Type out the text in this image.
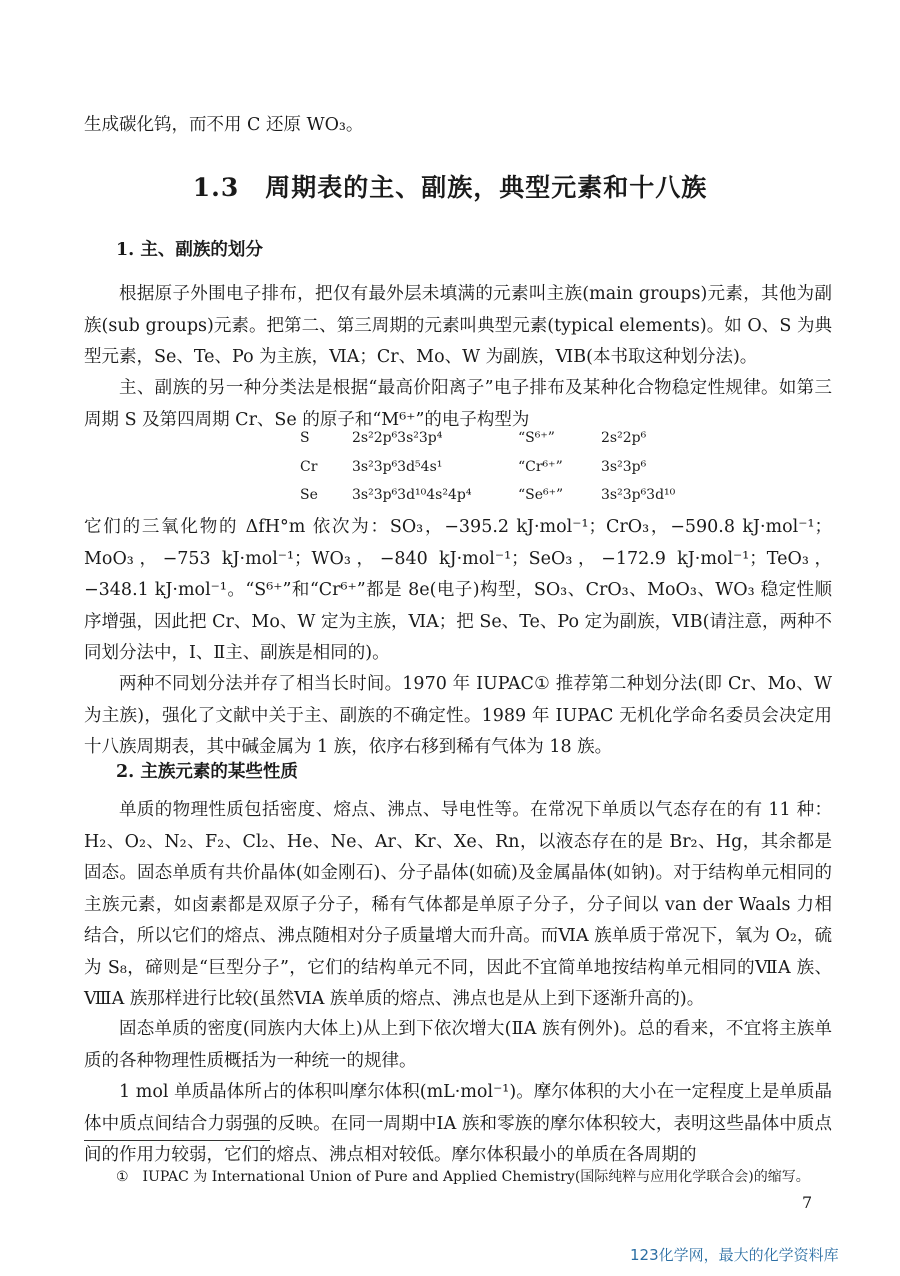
生成碳化钨，而不用 C 还原 WO₃。

1.3　周期表的主、副族，典型元素和十八族
1. 主、副族的划分

根据原子外围电子排布，把仅有最外层未填满的元素叫主族(main groups)元素，其他为副族(sub groups)元素。把第二、第三周期的元素叫典型元素(typical elements)。如 O、S 为典型元素，Se、Te、Po 为主族，ⅥA；Cr、Mo、W 为副族，ⅥB(本书取这种划分法)。

主、副族的另一种分类法是根据“最高价阳离子”电子排布及某种化合物稳定性规律。如第三周期 S 及第四周期 Cr、Se 的原子和“M⁶⁺”的电子构型为

S	2s²2p⁶3s²3p⁴	“S⁶⁺”	2s²2p⁶
Cr	3s²3p⁶3d⁵4s¹	“Cr⁶⁺”	3s²3p⁶
Se	3s²3p⁶3d¹⁰4s²4p⁴	“Se⁶⁺”	3s²3p⁶3d¹⁰

它们的三氧化物的 ΔfH°m 依次为：SO₃，−395.2 kJ·mol⁻¹；CrO₃，−590.8 kJ·mol⁻¹；MoO₃，−753 kJ·mol⁻¹；WO₃，−840 kJ·mol⁻¹；SeO₃，−172.9 kJ·mol⁻¹；TeO₃，−348.1 kJ·mol⁻¹。“S⁶⁺”和“Cr⁶⁺”都是 8e(电子)构型，SO₃、CrO₃、MoO₃、WO₃ 稳定性顺序增强，因此把 Cr、Mo、W 定为主族，ⅥA；把 Se、Te、Po 定为副族，ⅥB(请注意，两种不同划分法中，Ⅰ、Ⅱ主、副族是相同的)。

两种不同划分法并存了相当长时间。1970 年 IUPAC① 推荐第二种划分法(即 Cr、Mo、W 为主族)，强化了文献中关于主、副族的不确定性。1989 年 IUPAC 无机化学命名委员会决定用十八族周期表，其中碱金属为 1 族，依序右移到稀有气体为 18 族。

2. 主族元素的某些性质

单质的物理性质包括密度、熔点、沸点、导电性等。在常况下单质以气态存在的有 11 种：H₂、O₂、N₂、F₂、Cl₂、He、Ne、Ar、Kr、Xe、Rn，以液态存在的是 Br₂、Hg，其余都是固态。固态单质有共价晶体(如金刚石)、分子晶体(如硫)及金属晶体(如钠)。对于结构单元相同的主族元素，如卤素都是双原子分子，稀有气体都是单原子分子，分子间以 van der Waals 力相结合，所以它们的熔点、沸点随相对分子质量增大而升高。而ⅥA 族单质于常况下，氧为 O₂，硫为 S₈，碲则是“巨型分子”，它们的结构单元不同，因此不宜简单地按结构单元相同的ⅦA 族、ⅧA 族那样进行比较(虽然ⅥA 族单质的熔点、沸点也是从上到下逐渐升高的)。

固态单质的密度(同族内大体上)从上到下依次增大(ⅡA 族有例外)。总的看来，不宜将主族单质的各种物理性质概括为一种统一的规律。

1 mol 单质晶体所占的体积叫摩尔体积(mL·mol⁻¹)。摩尔体积的大小在一定程度上是单质晶体中质点间结合力弱强的反映。在同一周期中ⅠA 族和零族的摩尔体积较大，表明这些晶体中质点间的作用力较弱，它们的熔点、沸点相对较低。摩尔体积最小的单质在各周期的

①　IUPAC 为 International Union of Pure and Applied Chemistry(国际纯粹与应用化学联合会)的缩写。

7

123化学网，最大的化学资料库
